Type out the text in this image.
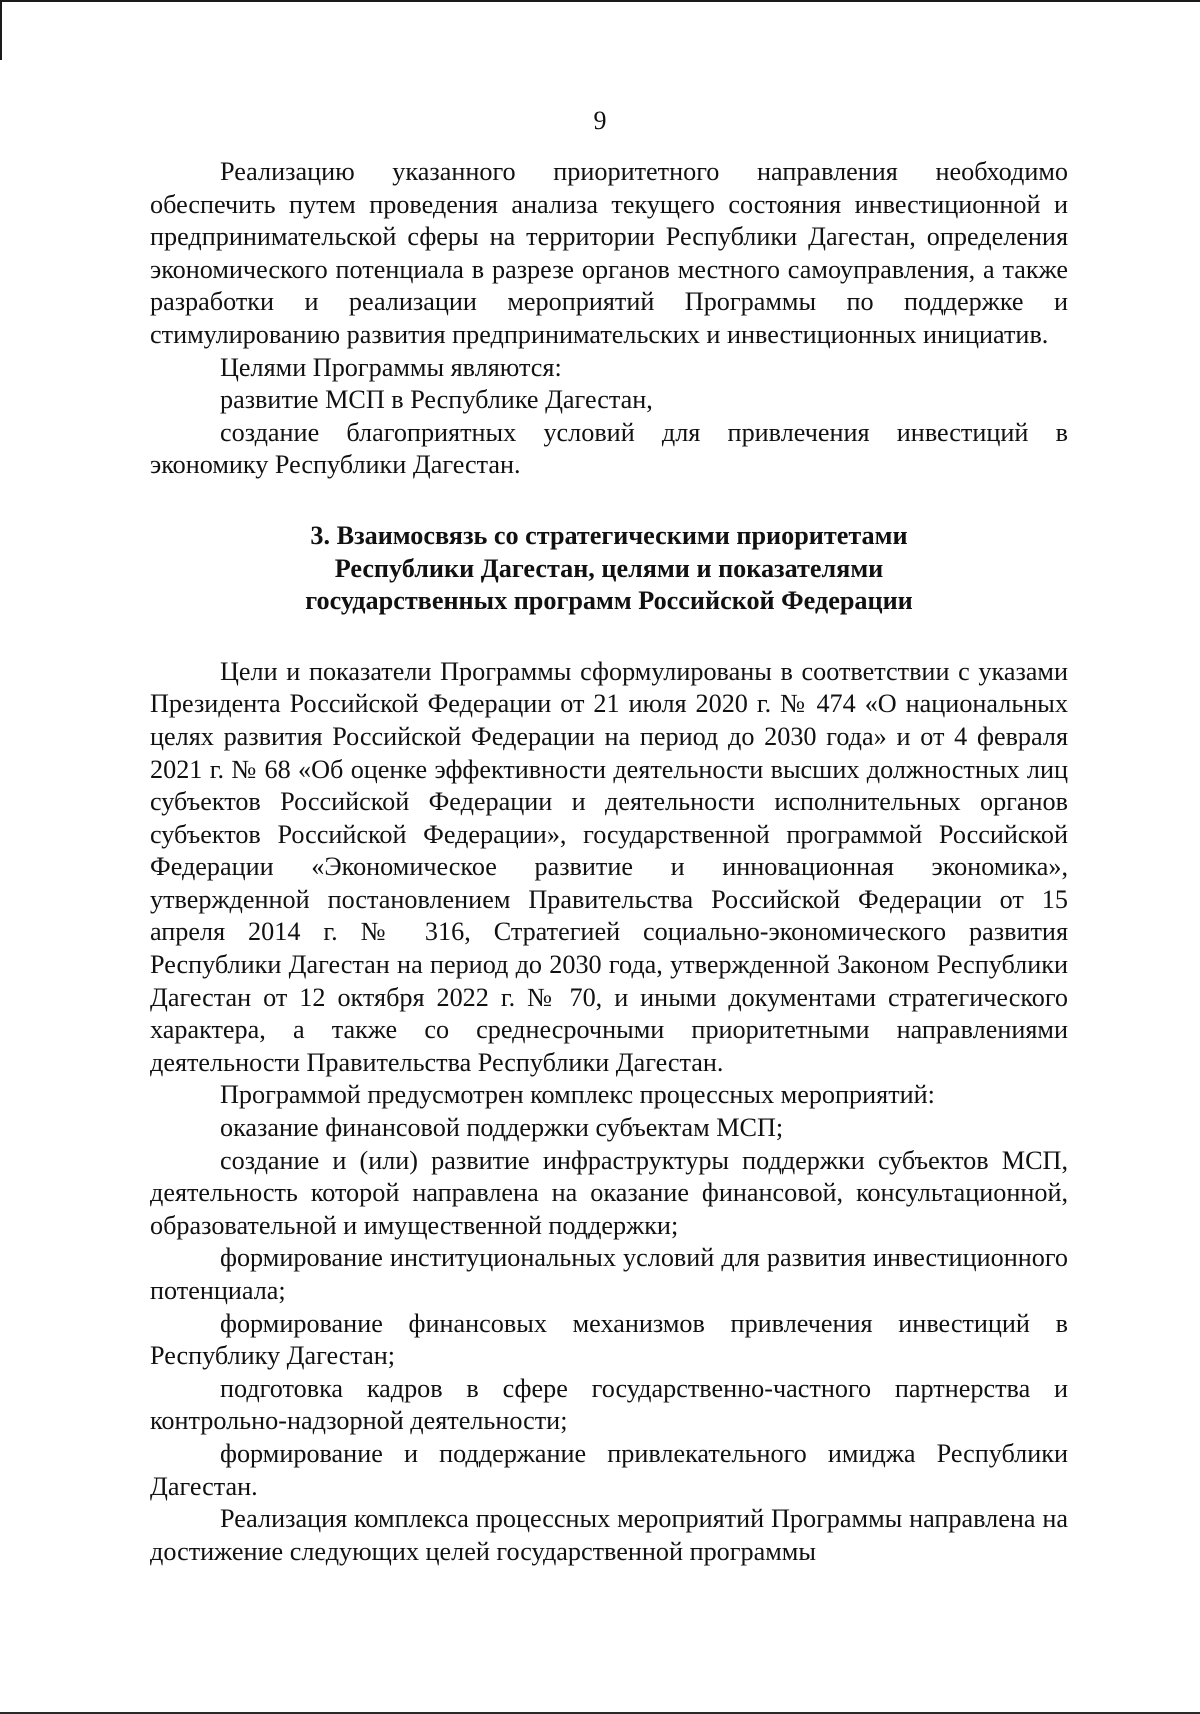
9

Реализацию указанного приоритетного направления необходимо обеспечить путем проведения анализа текущего состояния инвестиционной и предпринимательской сферы на территории Республики Дагестан, определения экономического потенциала в разрезе органов местного самоуправления, а также разработки и реализации мероприятий Программы по поддержке и стимулированию развития предпринимательских и инвестиционных инициатив.

Целями Программы являются:

развитие МСП в Республике Дагестан,

создание благоприятных условий для привлечения инвестиций в экономику Республики Дагестан.

3. Взаимосвязь со стратегическими приоритетами
Республики Дагестан, целями и показателями
государственных программ Российской Федерации

Цели и показатели Программы сформулированы в соответствии с указами Президента Российской Федерации от 21 июля 2020 г. № 474 «О национальных целях развития Российской Федерации на период до 2030 года» и от 4 февраля 2021 г. № 68 «Об оценке эффективности деятельности высших должностных лиц субъектов Российской Федерации и деятельности исполнительных органов субъектов Российской Федерации», государственной программой Российской Федерации «Экономическое развитие и инновационная экономика», утвержденной постановлением Правительства Российской Федерации от 15 апреля 2014 г. № 316, Стратегией социально-экономического развития Республики Дагестан на период до 2030 года, утвержденной Законом Республики Дагестан от 12 октября 2022 г. № 70, и иными документами стратегического характера, а также со среднесрочными приоритетными направлениями деятельности Правительства Республики Дагестан.

Программой предусмотрен комплекс процессных мероприятий:

оказание финансовой поддержки субъектам МСП;

создание и (или) развитие инфраструктуры поддержки субъектов МСП, деятельность которой направлена на оказание финансовой, консультационной, образовательной и имущественной поддержки;

формирование институциональных условий для развития инвестиционного потенциала;

формирование финансовых механизмов привлечения инвестиций в Республику Дагестан;

подготовка кадров в сфере государственно-частного партнерства и контрольно-надзорной деятельности;

формирование и поддержание привлекательного имиджа Республики Дагестан.

Реализация комплекса процессных мероприятий Программы направлена на достижение следующих целей государственной программы
